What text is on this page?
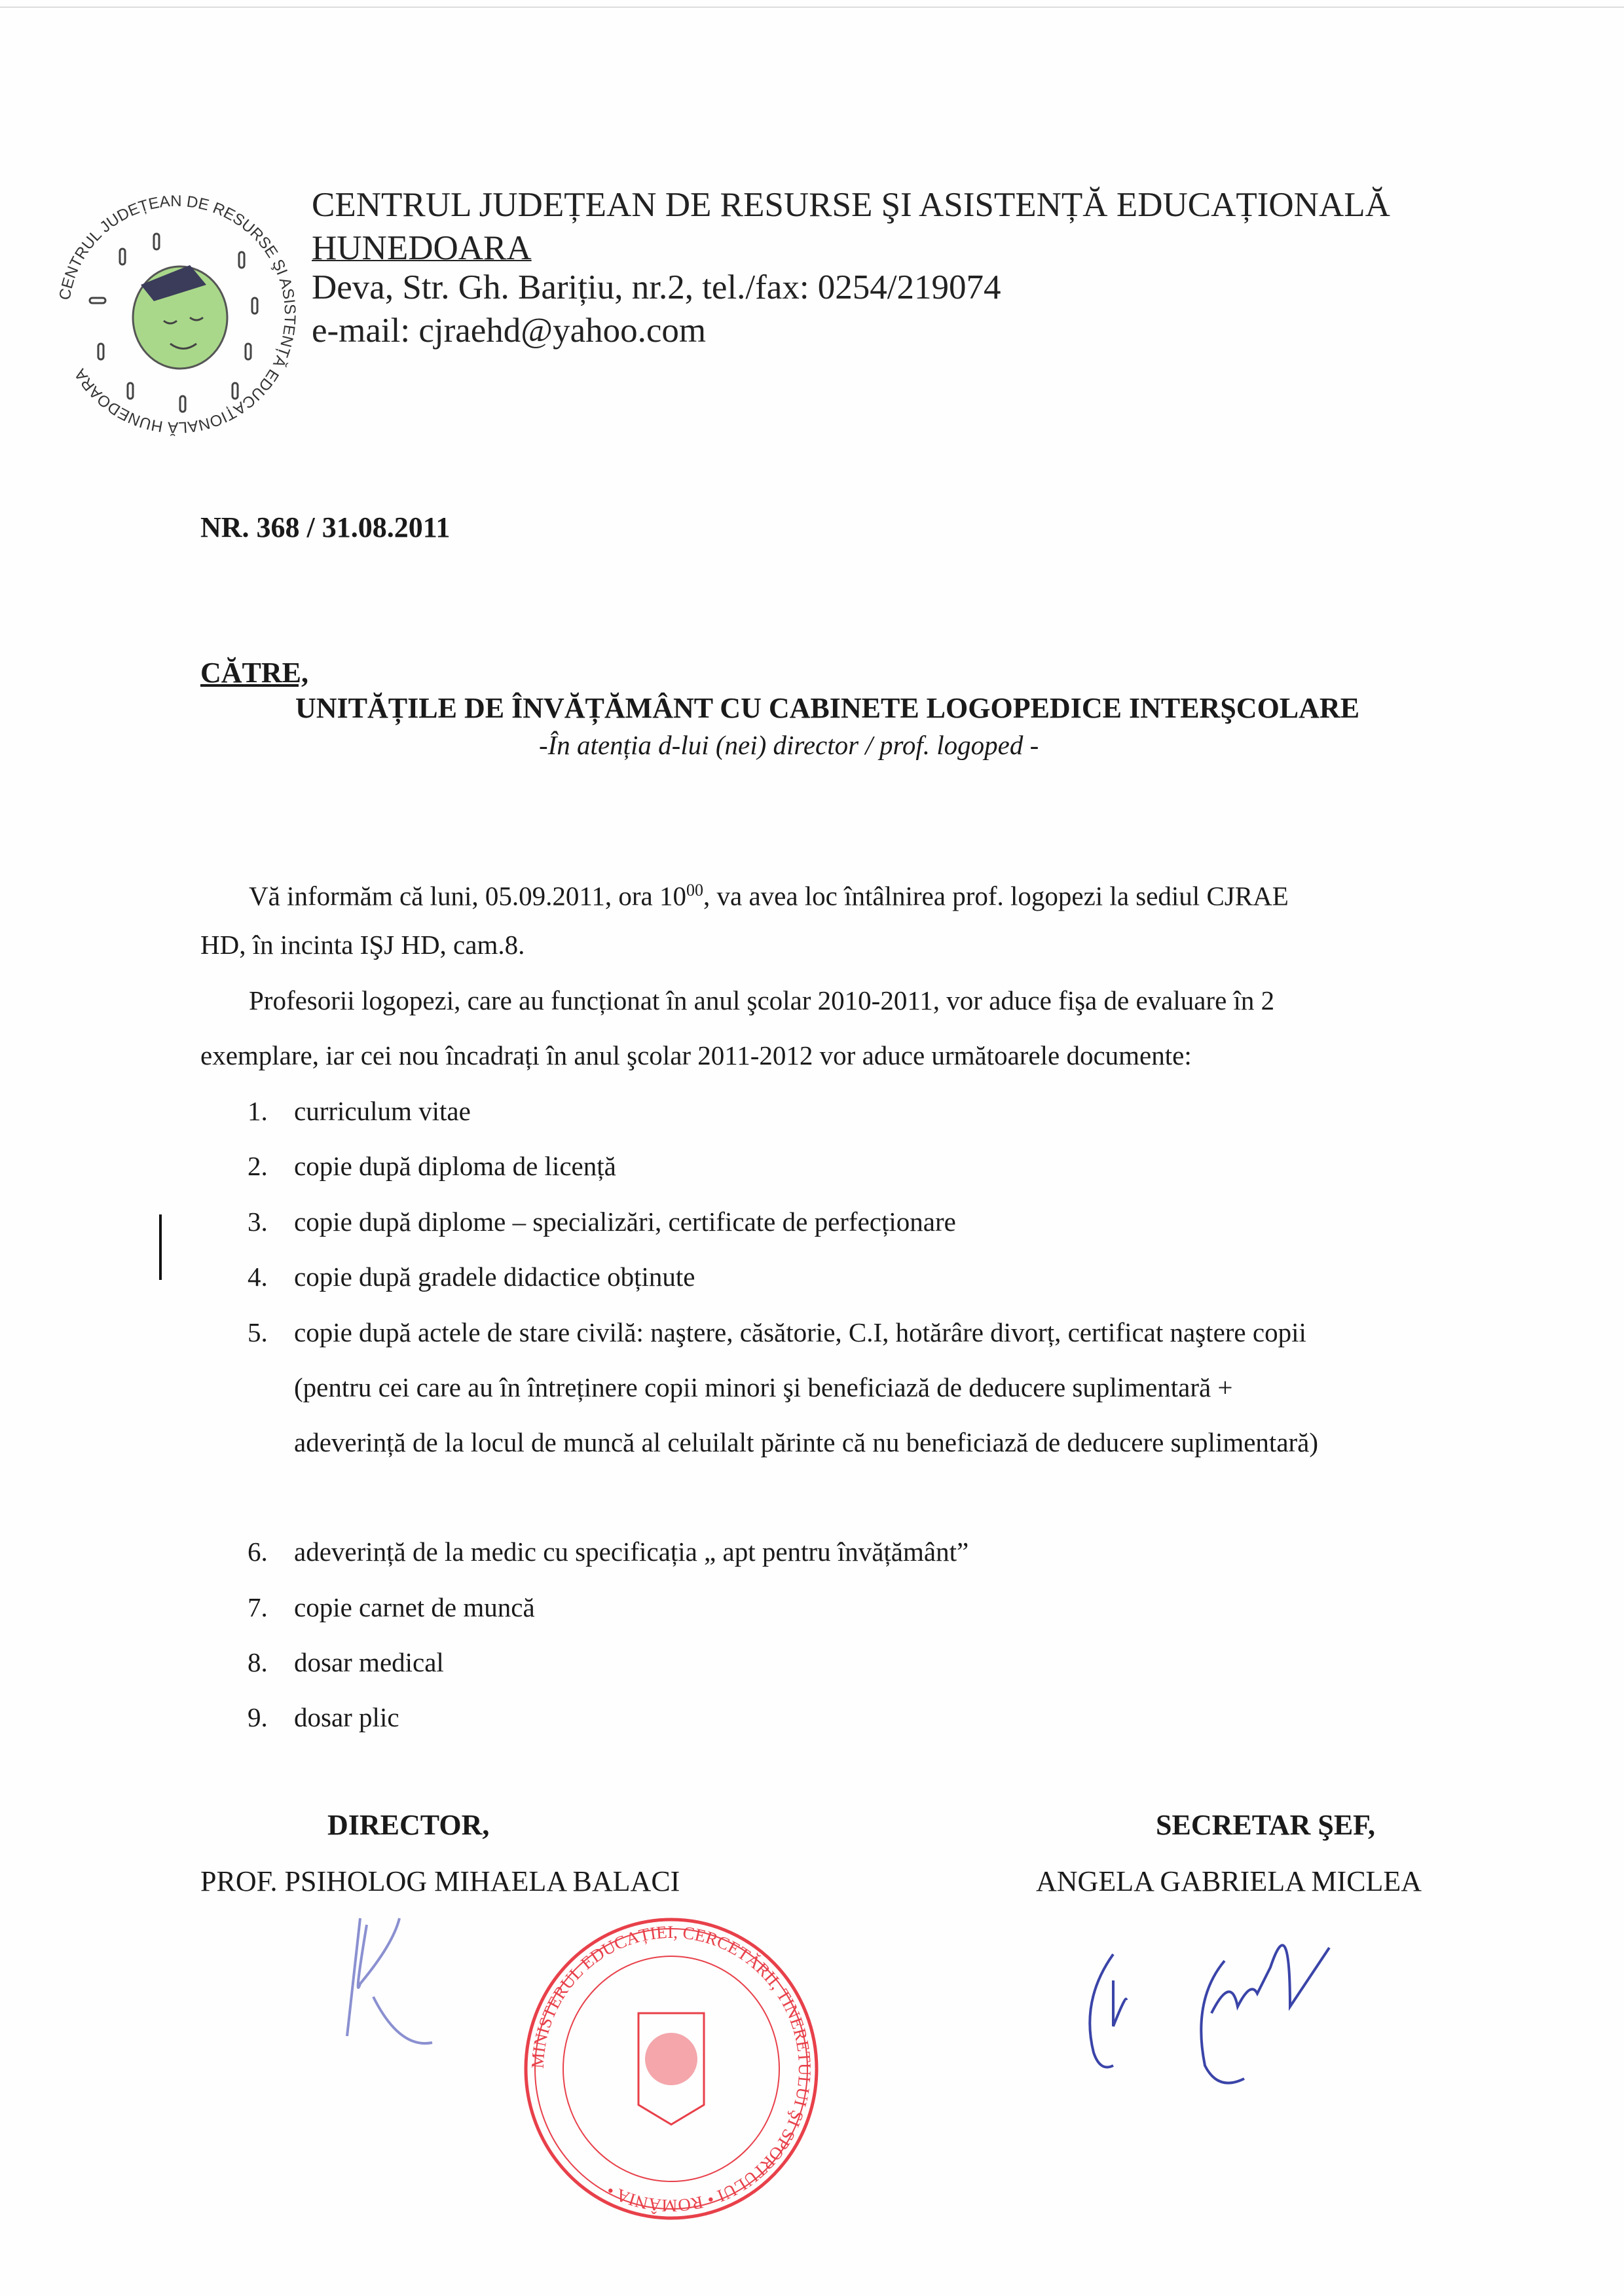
CENTRUL JUDEȚEAN DE RESURSE ŞI ASISTENȚĂ EDUCAȚIONALĂ HUNEDOARA
CENTRUL JUDEȚEAN DE RESURSE ŞI ASISTENȚĂ EDUCAȚIONALĂ
HUNEDOARA
Deva, Str. Gh. Barițiu, nr.2, tel./fax: 0254/219074
e-mail: cjraehd@yahoo.com
NR. 368 / 31.08.2011
CĂTRE,
UNITĂȚILE DE ÎNVĂȚĂMÂNT CU CABINETE LOGOPEDICE INTERŞCOLARE
-În atenția d-lui (nei) director / prof. logoped -
Vă informăm că luni, 05.09.2011, ora $10^{00}$, va avea loc întâlnirea prof. logopezi la sediul CJRAE
HD, în incinta IŞJ HD, cam.8.
Profesorii logopezi, care au funcționat în anul şcolar 2010-2011, vor aduce fişa de evaluare în 2
exemplare, iar cei nou încadrați în anul şcolar 2011-2012 vor aduce următoarele documente:
1. curriculum vitae
2. copie după diploma de licență
3. copie după diplome – specializări, certificate de perfecționare
4. copie după gradele didactice obținute
5. copie după actele de stare civilă: naştere, căsătorie, C.I, hotărâre divorț, certificat naştere copii
(pentru cei care au în întreținere copii minori şi beneficiază de deducere suplimentară +
adeverință de la locul de muncă al celuilalt părinte că nu beneficiază de deducere suplimentară)
6. adeverință de la medic cu specificația „ apt pentru învățământ”
7. copie carnet de muncă
8. dosar medical
9. dosar plic
MINISTERUL EDUCAȚIEI, CERCETĂRII, TINERETULUI ŞI SPORTULUI • ROMÂNIA •
DIRECTOR,
PROF. PSIHOLOG MIHAELA BALACI
SECRETAR ŞEF,
ANGELA GABRIELA MICLEA
